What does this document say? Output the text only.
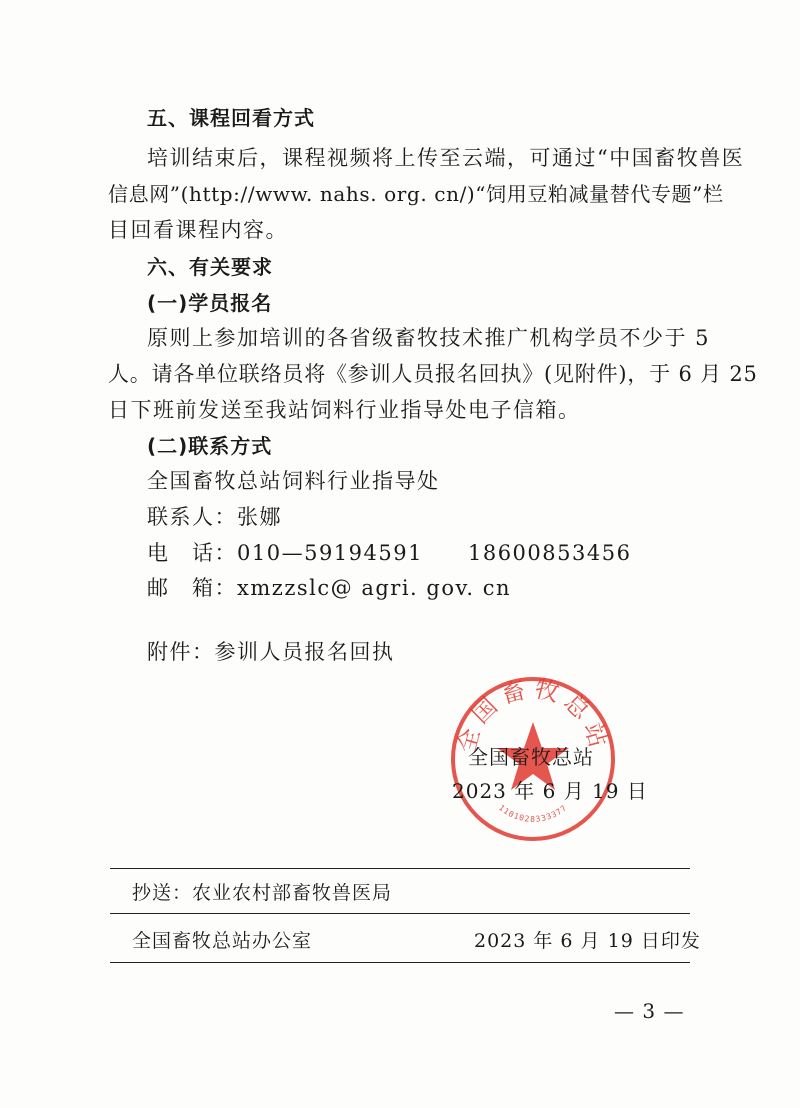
五、课程回看方式
培训结束后，课程视频将上传至云端，可通过“中国畜牧兽医
信息网”(http://www. nahs. org. cn/)“饲用豆粕减量替代专题”栏
目回看课程内容。
六、有关要求
(一)学员报名
原则上参加培训的各省级畜牧技术推广机构学员不少于 5
人。请各单位联络员将《参训人员报名回执》(见附件)，于 6 月 25
日下班前发送至我站饲料行业指导处电子信箱。
(二)联系方式
全国畜牧总站饲料行业指导处
联系人：张娜
电　话：010—59194591　　18600853456
邮　箱：xmzzslc@ agri. gov. cn
附件：参训人员报名回执
全国畜牧总站
1101028333377
全国畜牧总站
2023 年 6 月 19 日
抄送：农业农村部畜牧兽医局
全国畜牧总站办公室	2023 年 6 月 19 日印发
— 3 —
